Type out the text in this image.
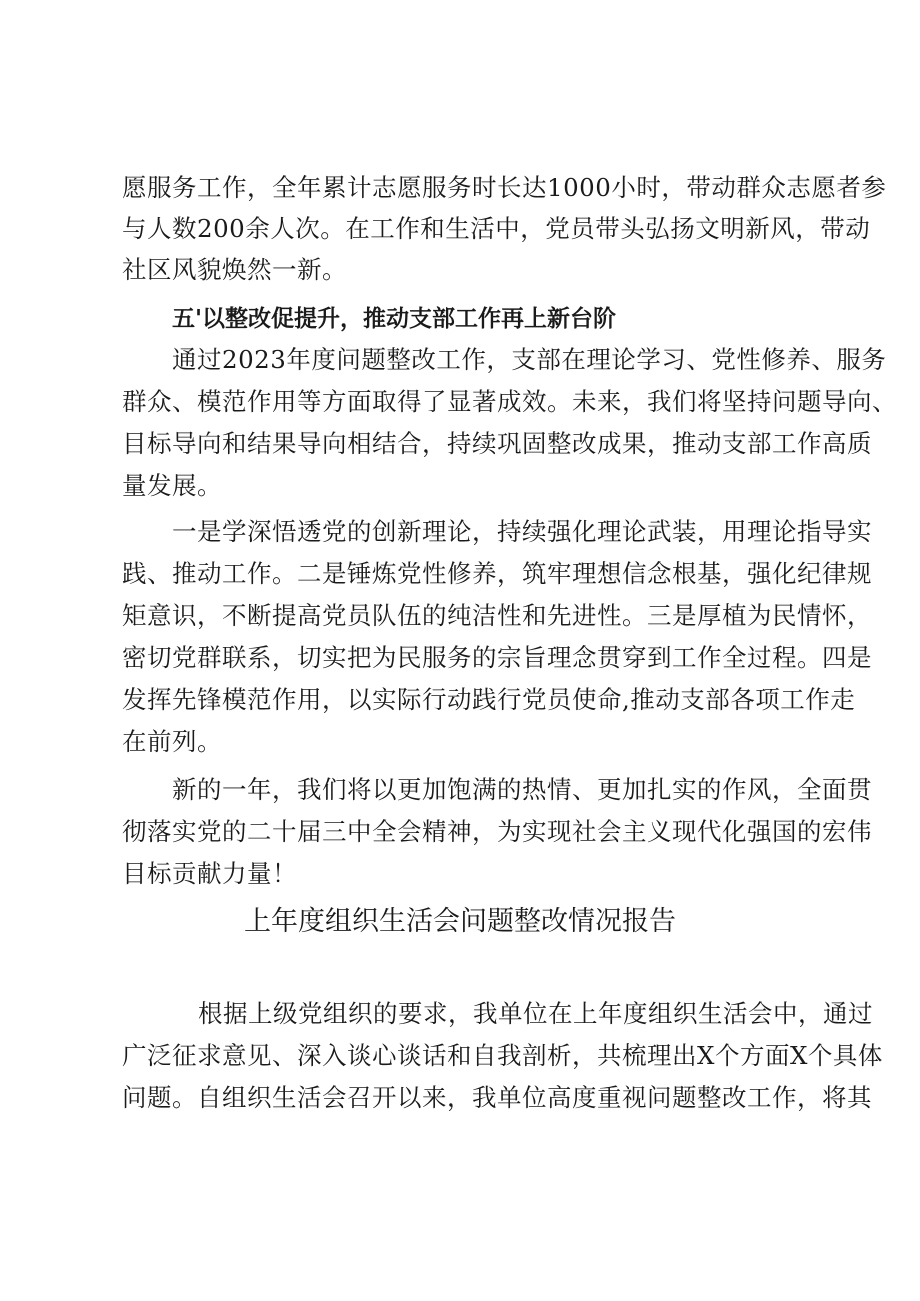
愿服务工作，全年累计志愿服务时长达1000小时，带动群众志愿者参
与人数200余人次。在工作和生活中，党员带头弘扬文明新风，带动
社区风貌焕然一新。
五'以整改促提升，推动支部工作再上新台阶
通过2023年度问题整改工作，支部在理论学习、党性修养、服务
群众、模范作用等方面取得了显著成效。未来，我们将坚持问题导向、
目标导向和结果导向相结合，持续巩固整改成果，推动支部工作高质
量发展。
一是学深悟透党的创新理论，持续强化理论武装，用理论指导实
践、推动工作。二是锤炼党性修养，筑牢理想信念根基，强化纪律规
矩意识，不断提高党员队伍的纯洁性和先进性。三是厚植为民情怀，
密切党群联系，切实把为民服务的宗旨理念贯穿到工作全过程。四是
发挥先锋模范作用，以实际行动践行党员使命,推动支部各项工作走
在前列。
新的一年，我们将以更加饱满的热情、更加扎实的作风，全面贯
彻落实党的二十届三中全会精神，为实现社会主义现代化强国的宏伟
目标贡献力量！
上年度组织生活会问题整改情况报告
根据上级党组织的要求，我单位在上年度组织生活会中，通过
广泛征求意见、深入谈心谈话和自我剖析，共梳理出X个方面X个具体
问题。自组织生活会召开以来，我单位高度重视问题整改工作，将其
